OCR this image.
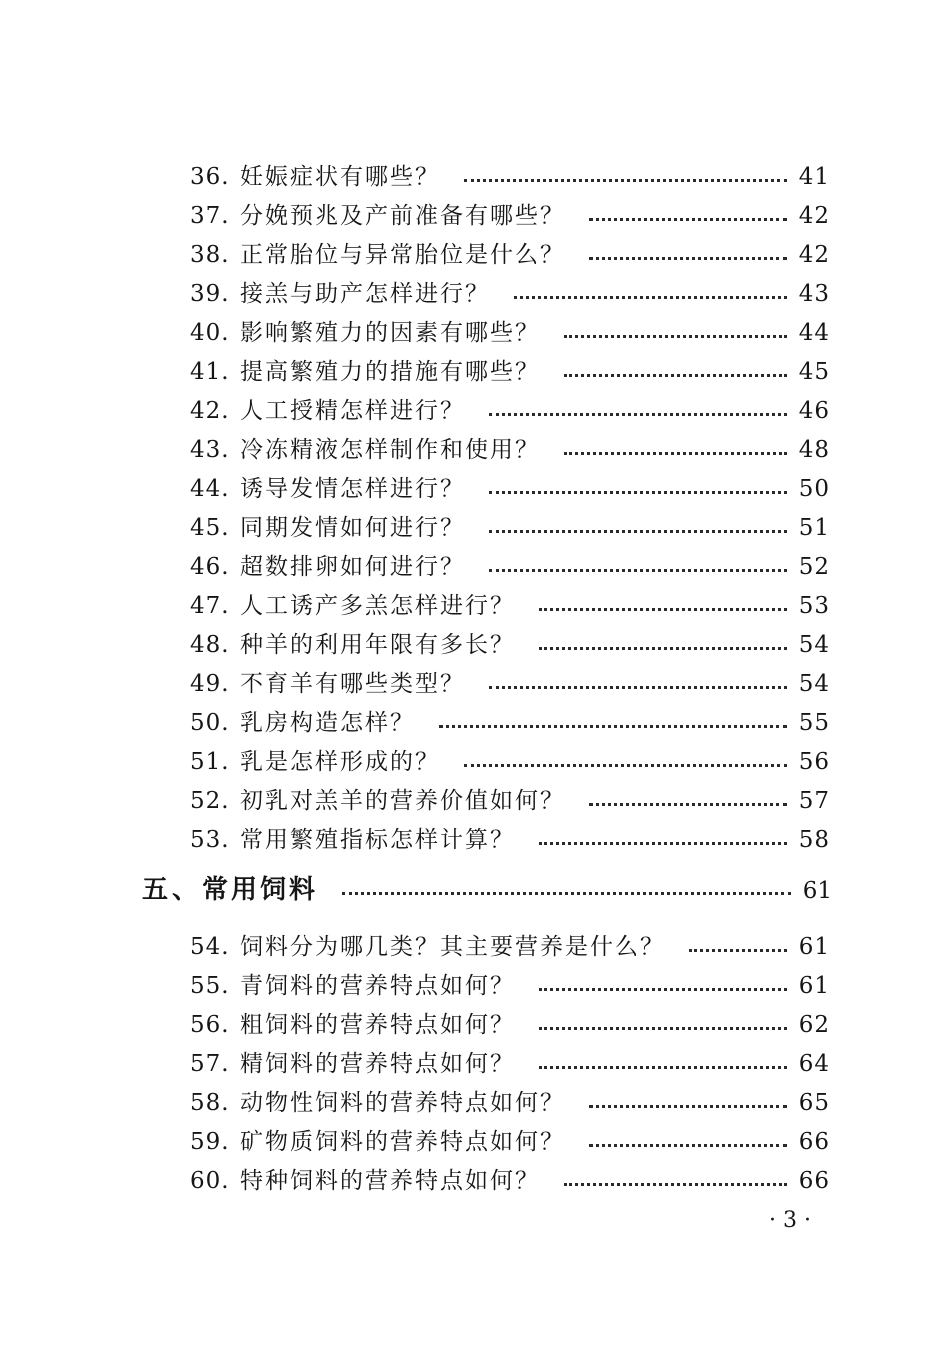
36. 妊娠症状有哪些？	41
37. 分娩预兆及产前准备有哪些？	42
38. 正常胎位与异常胎位是什么？	42
39. 接羔与助产怎样进行？	43
40. 影响繁殖力的因素有哪些？	44
41. 提高繁殖力的措施有哪些？	45
42. 人工授精怎样进行？	46
43. 冷冻精液怎样制作和使用？	48
44. 诱导发情怎样进行？	50
45. 同期发情如何进行？	51
46. 超数排卵如何进行？	52
47. 人工诱产多羔怎样进行？	53
48. 种羊的利用年限有多长？	54
49. 不育羊有哪些类型？	54
50. 乳房构造怎样？	55
51. 乳是怎样形成的？	56
52. 初乳对羔羊的营养价值如何？	57
53. 常用繁殖指标怎样计算？	58
五、 常用饲料	61
54. 饲料分为哪几类？其主要营养是什么？	61
55. 青饲料的营养特点如何？	61
56. 粗饲料的营养特点如何？	62
57. 精饲料的营养特点如何？	64
58. 动物性饲料的营养特点如何？	65
59. 矿物质饲料的营养特点如何？	66
60. 特种饲料的营养特点如何？	66
· 3 ·
